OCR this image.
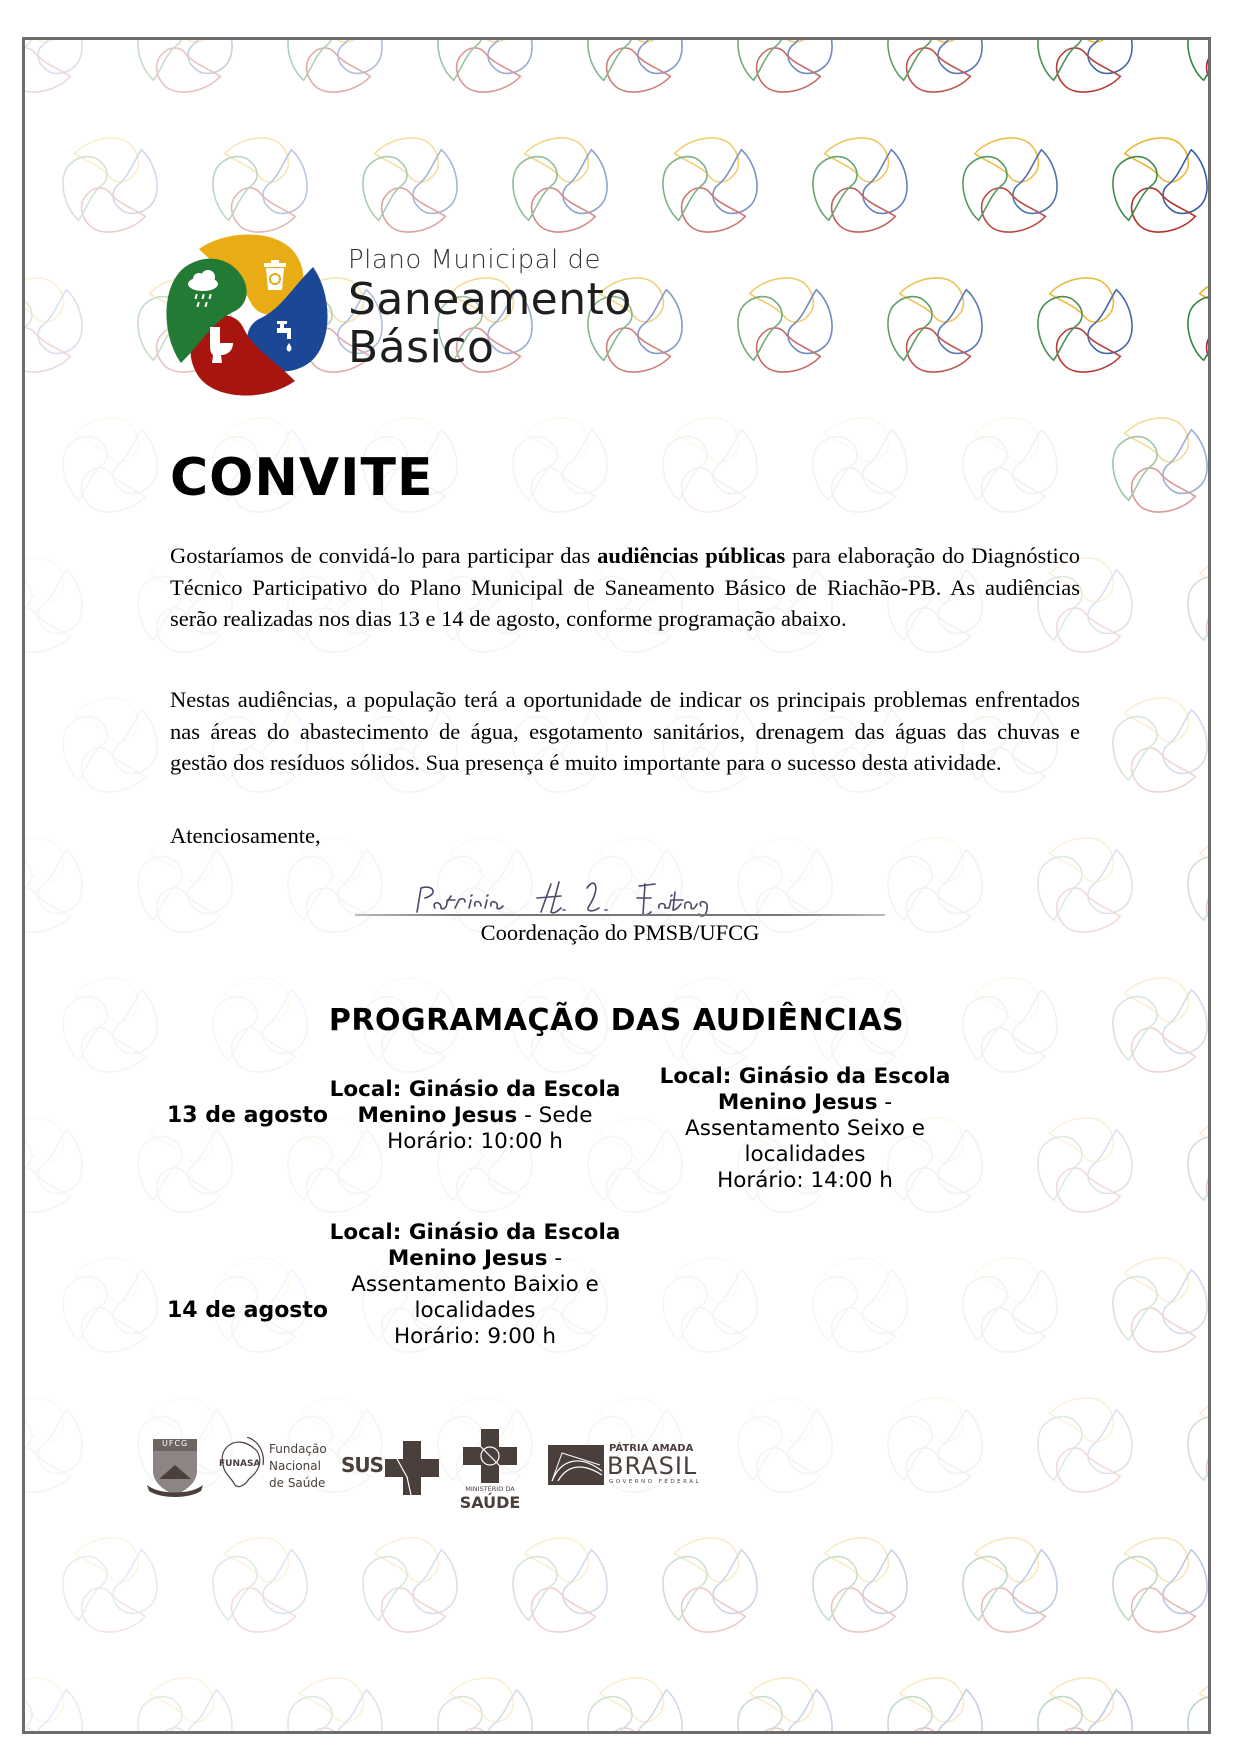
Plano Municipal de
Saneamento
Básico
CONVITE
Gostaríamos de convidá-lo para participar das audiências públicas para elaboração do Diagnóstico Técnico Participativo do Plano Municipal de Saneamento Básico de Riachão-PB. As audiências serão realizadas nos dias 13 e 14 de agosto, conforme programação abaixo.
Nestas audiências, a população terá a oportunidade de indicar os principais problemas enfrentados nas áreas do abastecimento de água, esgotamento sanitários, drenagem das águas das chuvas e gestão dos resíduos sólidos. Sua presença é muito importante para o sucesso desta atividade.
Atenciosamente,
Coordenação do PMSB/UFCG
PROGRAMAÇÃO DAS AUDIÊNCIAS
13 de agosto
Local: Ginásio da Escola Menino Jesus - Sede
Horário: 10:00 h
Local: Ginásio da Escola Menino Jesus -
Assentamento Seixo e localidades
Horário: 14:00 h
14 de agosto
Local: Ginásio da Escola Menino Jesus -
Assentamento Baixio e localidades
Horário: 9:00 h
UFCG
FUNASA
Fundação
Nacional
de Saúde
SUS
MINISTÉRIO DA
SAÚDE
PÁTRIA AMADA
BRASIL
GOVERNO FEDERAL
